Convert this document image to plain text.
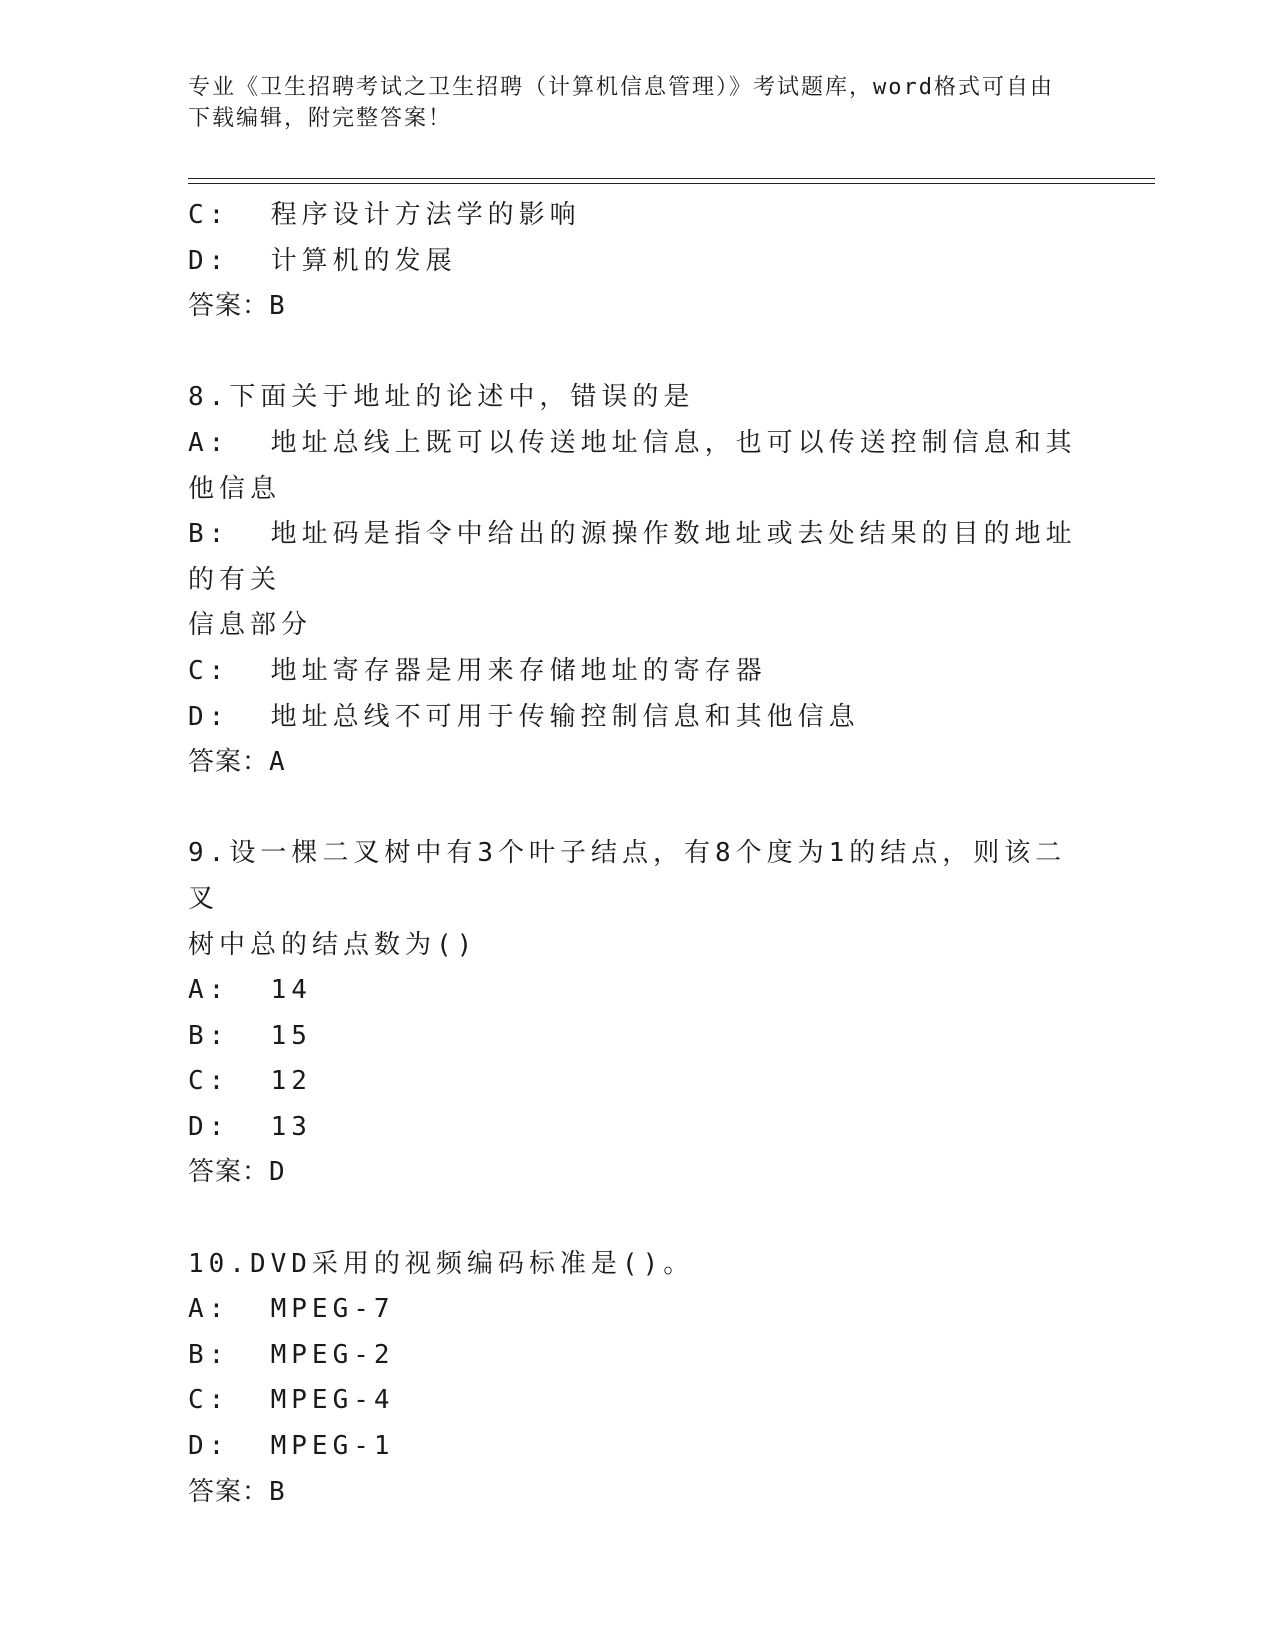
专业《卫生招聘考试之卫生招聘（计算机信息管理）》考试题库，word格式可自由下载编辑，附完整答案！

C:  程序设计方法学的影响

D:  计算机的发展

答案：B

8.下面关于地址的论述中，错误的是

A:  地址总线上既可以传送地址信息，也可以传送控制信息和其他信息

B:  地址码是指令中给出的源操作数地址或去处结果的目的地址的有关

信息部分

C:  地址寄存器是用来存储地址的寄存器

D:  地址总线不可用于传输控制信息和其他信息

答案：A

9.设一棵二叉树中有3个叶子结点，有8个度为1的结点，则该二叉

树中总的结点数为()

A:  14

B:  15

C:  12

D:  13

答案：D

10.DVD采用的视频编码标准是()。

A:  MPEG-7

B:  MPEG-2

C:  MPEG-4

D:  MPEG-1

答案：B
